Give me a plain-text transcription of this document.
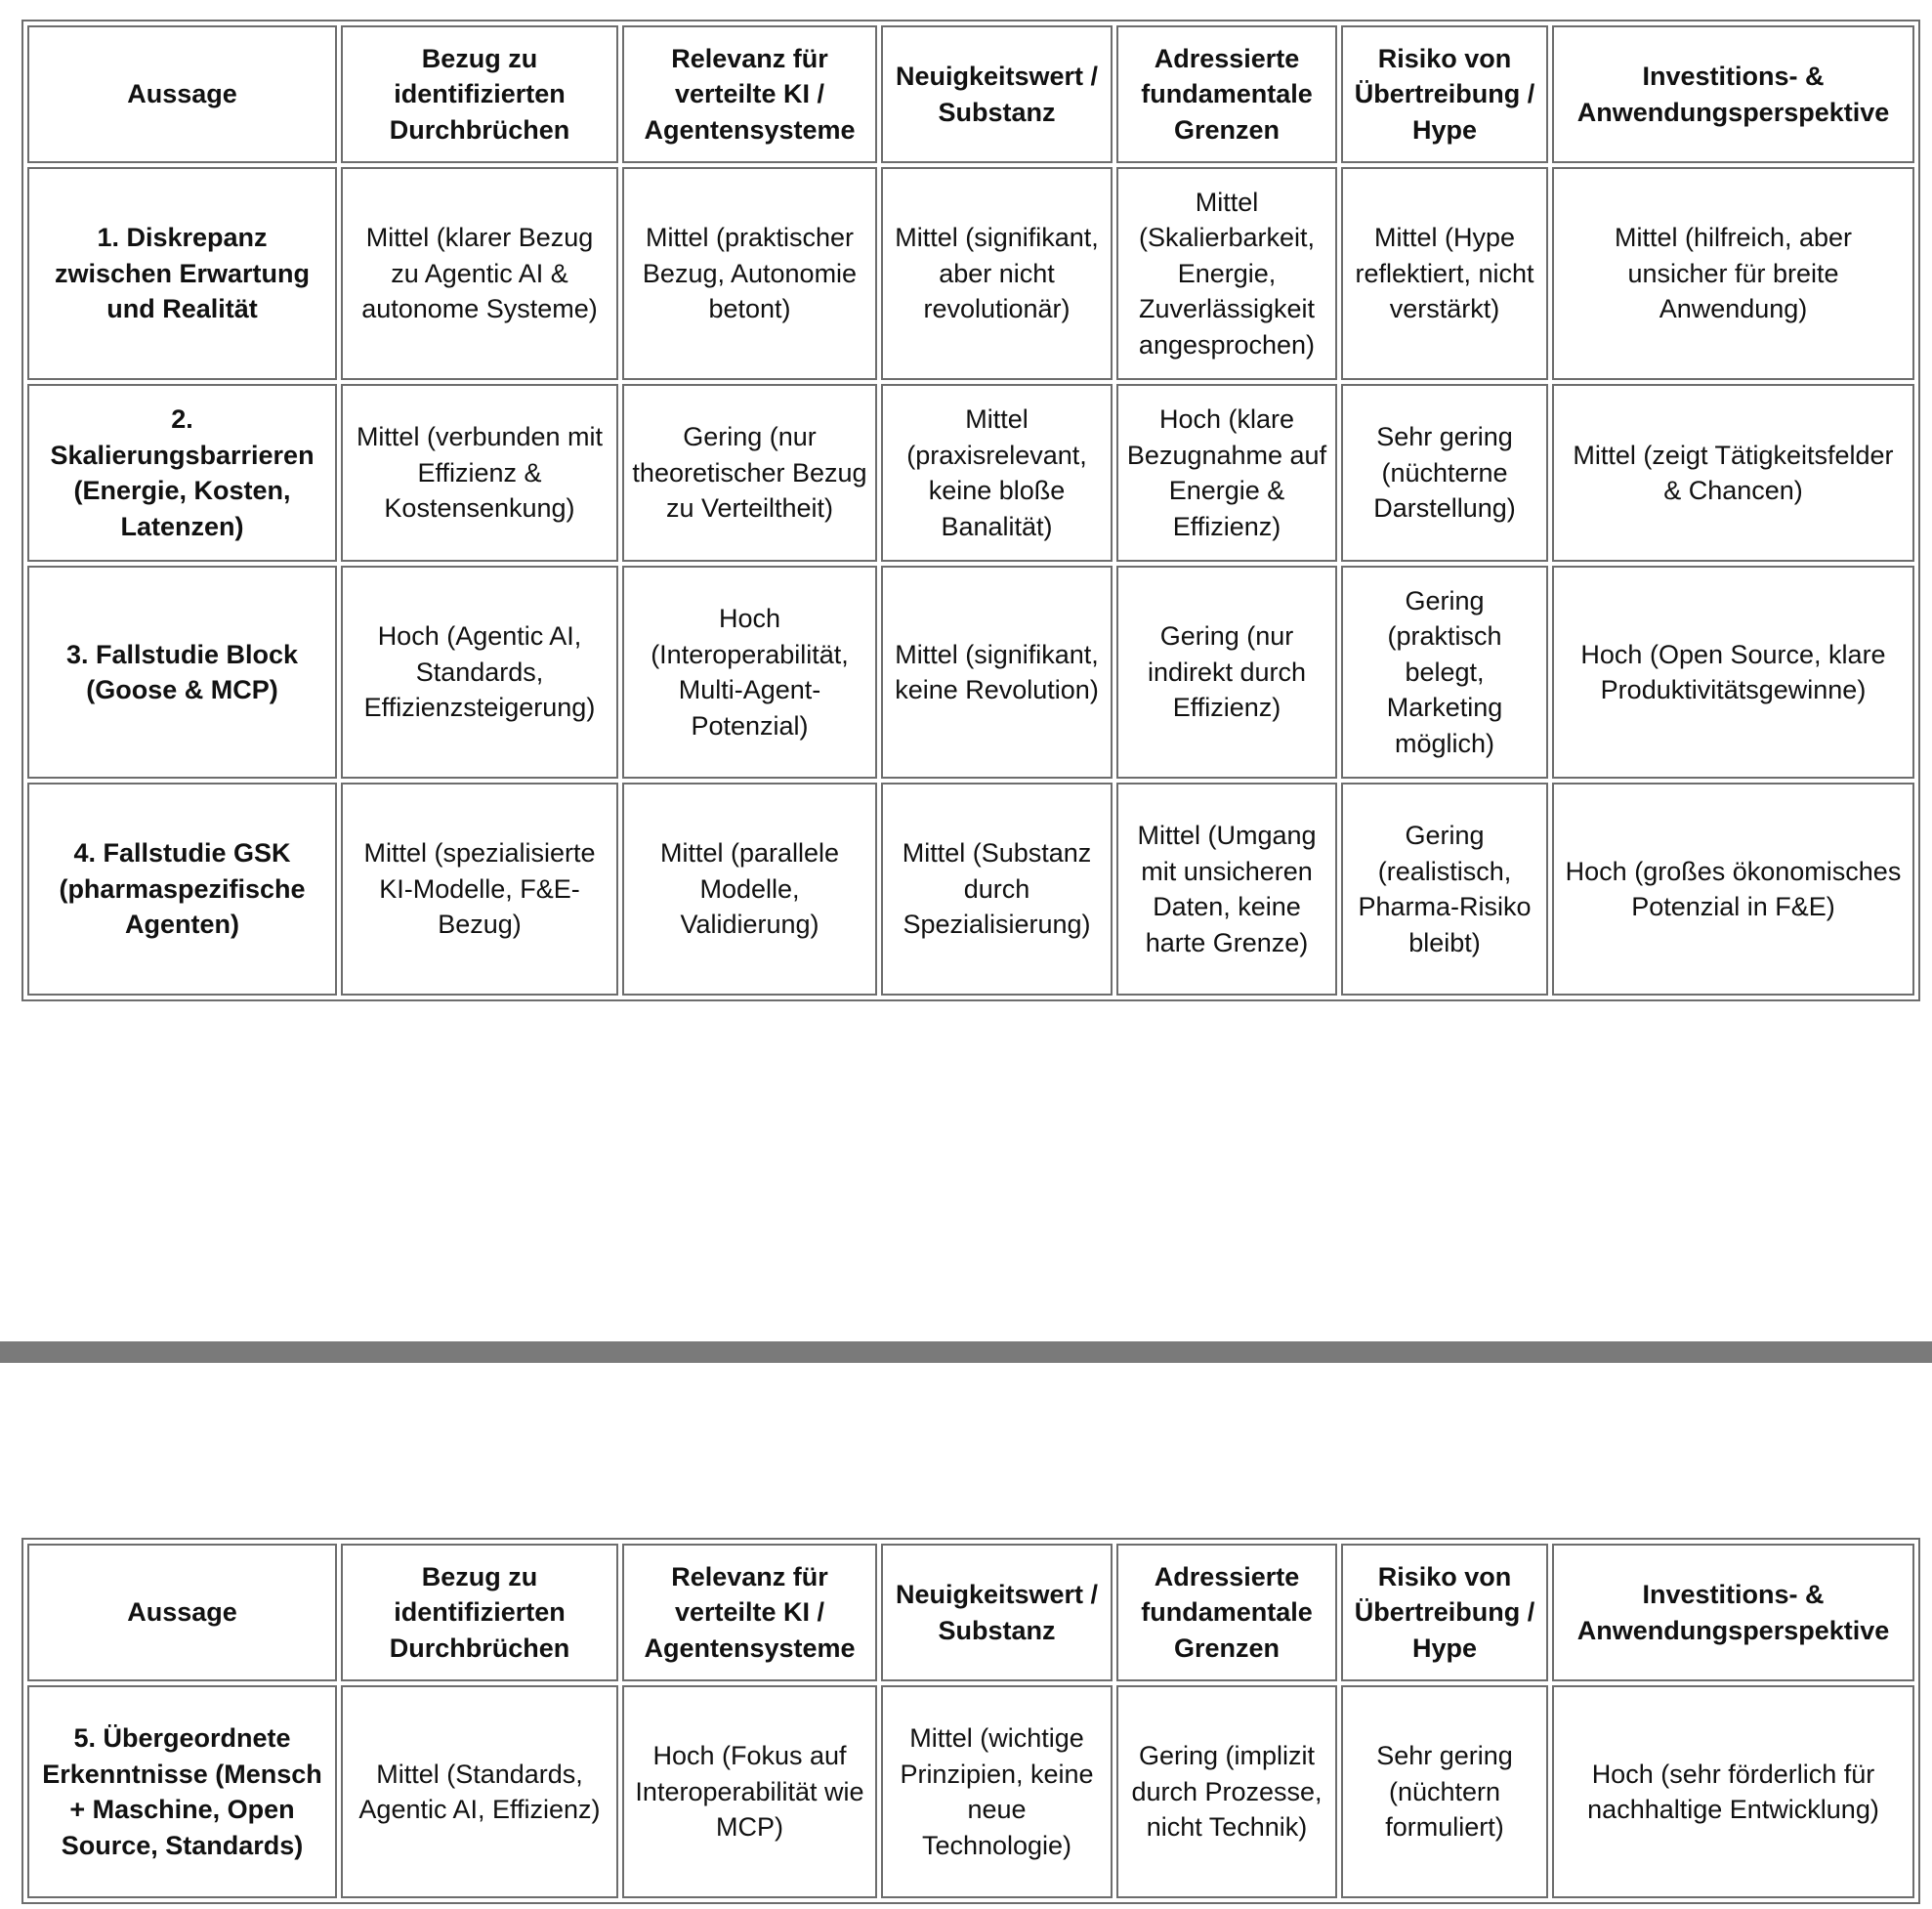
Aussage	Bezug zu identifizierten Durchbrüchen	Relevanz für verteilte KI / Agentensysteme	Neuigkeitswert / Substanz	Adressierte fundamentale Grenzen	Risiko von Übertreibung / Hype	Investitions- & Anwendungsperspektive
1. Diskrepanz zwischen Erwartung und Realität	Mittel (klarer Bezug zu Agentic AI & autonome Systeme)	Mittel (praktischer Bezug, Autonomie betont)	Mittel (signifikant, aber nicht revolutionär)	Mittel (Skalierbarkeit, Energie, Zuverlässigkeit angesprochen)	Mittel (Hype reflektiert, nicht verstärkt)	Mittel (hilfreich, aber unsicher für breite Anwendung)
2. Skalierungsbarrieren (Energie, Kosten, Latenzen)	Mittel (verbunden mit Effizienz & Kostensenkung)	Gering (nur theoretischer Bezug zu Verteiltheit)	Mittel (praxisrelevant, keine bloße Banalität)	Hoch (klare Bezugnahme auf Energie & Effizienz)	Sehr gering (nüchterne Darstellung)	Mittel (zeigt Tätigkeitsfelder & Chancen)
3. Fallstudie Block (Goose & MCP)	Hoch (Agentic AI, Standards, Effizienzsteigerung)	Hoch (Interoperabilität, Multi-Agent-Potenzial)	Mittel (signifikant, keine Revolution)	Gering (nur indirekt durch Effizienz)	Gering (praktisch belegt, Marketing möglich)	Hoch (Open Source, klare Produktivitätsgewinne)
4. Fallstudie GSK (pharmaspezifische Agenten)	Mittel (spezialisierte KI-Modelle, F&E-Bezug)	Mittel (parallele Modelle, Validierung)	Mittel (Substanz durch Spezialisierung)	Mittel (Umgang mit unsicheren Daten, keine harte Grenze)	Gering (realistisch, Pharma-Risiko bleibt)	Hoch (großes ökonomisches Potenzial in F&E)
Aussage	Bezug zu identifizierten Durchbrüchen	Relevanz für verteilte KI / Agentensysteme	Neuigkeitswert / Substanz	Adressierte fundamentale Grenzen	Risiko von Übertreibung / Hype	Investitions- & Anwendungsperspektive
5. Übergeordnete Erkenntnisse (Mensch + Maschine, Open Source, Standards)	Mittel (Standards, Agentic AI, Effizienz)	Hoch (Fokus auf Interoperabilität wie MCP)	Mittel (wichtige Prinzipien, keine neue Technologie)	Gering (implizit durch Prozesse, nicht Technik)	Sehr gering (nüchtern formuliert)	Hoch (sehr förderlich für nachhaltige Entwicklung)
